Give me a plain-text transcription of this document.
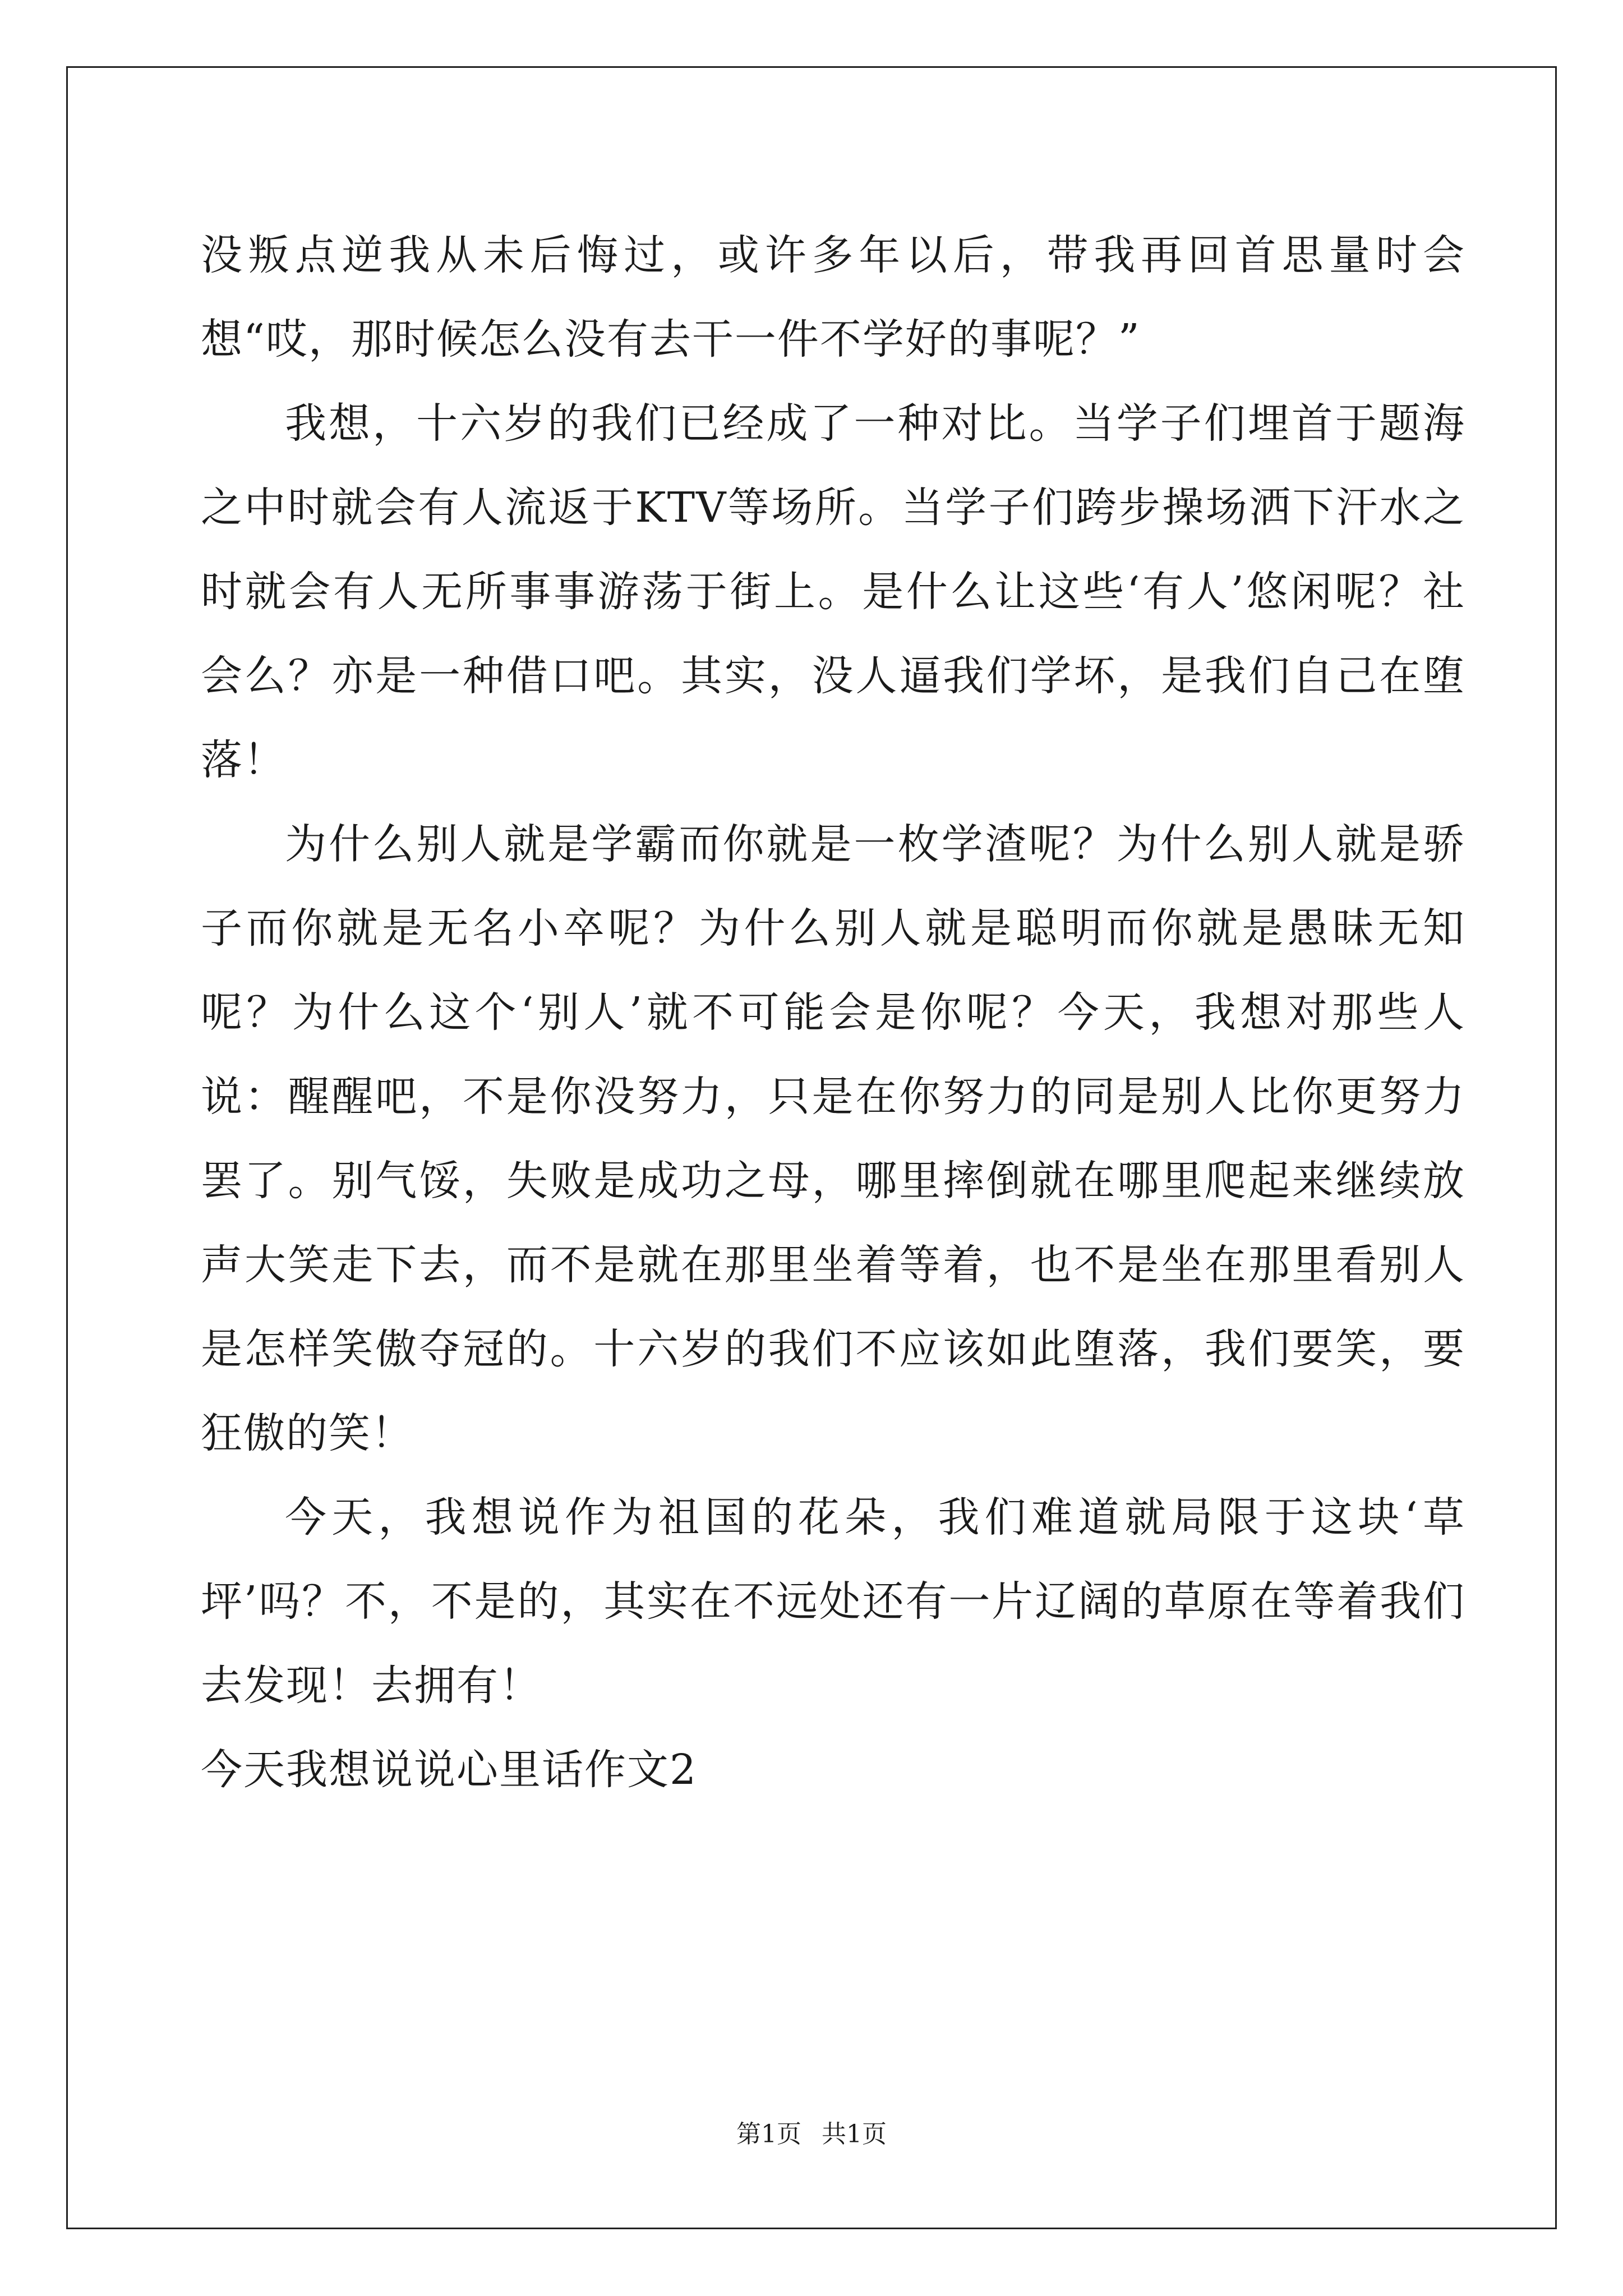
没叛点逆我从未后悔过，或许多年以后，带我再回首思量时会想“哎，那时候怎么没有去干一件不学好的事呢？”

我想，十六岁的我们已经成了一种对比。当学子们埋首于题海之中时就会有人流返于KTV等场所。当学子们跨步操场洒下汗水之时就会有人无所事事游荡于街上。是什么让这些‘有人’悠闲呢？社会么？亦是一种借口吧。其实，没人逼我们学坏，是我们自己在堕落！

为什么别人就是学霸而你就是一枚学渣呢？为什么别人就是骄子而你就是无名小卒呢？为什么别人就是聪明而你就是愚昧无知呢？为什么这个‘别人’就不可能会是你呢？今天，我想对那些人说：醒醒吧，不是你没努力，只是在你努力的同是别人比你更努力罢了。别气馁，失败是成功之母，哪里摔倒就在哪里爬起来继续放声大笑走下去，而不是就在那里坐着等着，也不是坐在那里看别人是怎样笑傲夺冠的。十六岁的我们不应该如此堕落，我们要笑，要狂傲的笑！

今天，我想说作为祖国的花朵，我们难道就局限于这块‘草坪’吗？不，不是的，其实在不远处还有一片辽阔的草原在等着我们去发现！去拥有！

今天我想说说心里话作文2

第1页 共1页
